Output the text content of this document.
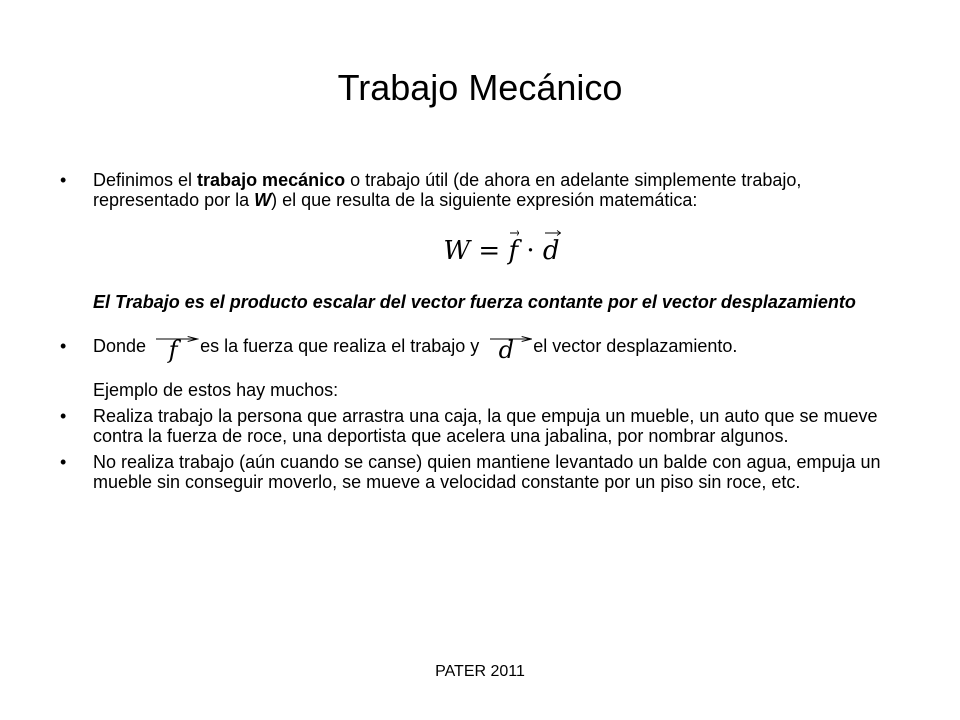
Trabajo Mecánico
• Definimos el trabajo mecánico o trabajo útil (de ahora en adelante simplemente trabajo, representado por la W) el que resulta de la siguiente expresión matemática:
W = f · d
El Trabajo es el producto escalar del vector fuerza contante por el vector desplazamiento
• Donde f es la fuerza que realiza el trabajo y d el vector desplazamiento.
Ejemplo de estos hay muchos:
• Realiza trabajo la persona que arrastra una caja, la que empuja un mueble, un auto que se mueve contra la fuerza de roce, una deportista que acelera una jabalina, por nombrar algunos.
• No realiza trabajo (aún cuando se canse) quien mantiene levantado un balde con agua, empuja un mueble sin conseguir moverlo, se mueve a velocidad constante por un piso sin roce, etc.
PATER 2011
